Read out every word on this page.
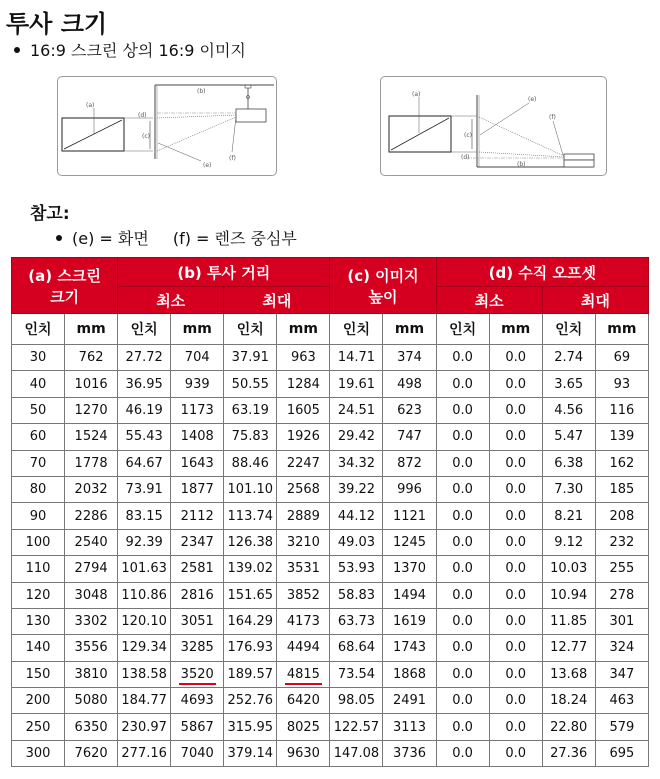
투사 크기
16:9 스크린 상의 16:9 이미지
(b)
(d)
(a)
(c)
(e)
(f)
(b)
(a)
(c)
(d)
(e)
(f)
참고:
(e) = 화면 (f) = 렌즈 중심부
(a) 스크린
크기		(b) 투사 거리				(c) 이미지
높이		(d) 수직 오프셋			
		최소		최대				최소		최대	
인치	mm	인치	mm	인치	mm	인치	mm	인치	mm	인치	mm
30	762	27.72	704	37.91	963	14.71	374	0.0	0.0	2.74	69
40	1016	36.95	939	50.55	1284	19.61	498	0.0	0.0	3.65	93
50	1270	46.19	1173	63.19	1605	24.51	623	0.0	0.0	4.56	116
60	1524	55.43	1408	75.83	1926	29.42	747	0.0	0.0	5.47	139
70	1778	64.67	1643	88.46	2247	34.32	872	0.0	0.0	6.38	162
80	2032	73.91	1877	101.10	2568	39.22	996	0.0	0.0	7.30	185
90	2286	83.15	2112	113.74	2889	44.12	1121	0.0	0.0	8.21	208
100	2540	92.39	2347	126.38	3210	49.03	1245	0.0	0.0	9.12	232
110	2794	101.63	2581	139.02	3531	53.93	1370	0.0	0.0	10.03	255
120	3048	110.86	2816	151.65	3852	58.83	1494	0.0	0.0	10.94	278
130	3302	120.10	3051	164.29	4173	63.73	1619	0.0	0.0	11.85	301
140	3556	129.34	3285	176.93	4494	68.64	1743	0.0	0.0	12.77	324
150	3810	138.58	3520	189.57	4815	73.54	1868	0.0	0.0	13.68	347
200	5080	184.77	4693	252.76	6420	98.05	2491	0.0	0.0	18.24	463
250	6350	230.97	5867	315.95	8025	122.57	3113	0.0	0.0	22.80	579
300	7620	277.16	7040	379.14	9630	147.08	3736	0.0	0.0	27.36	695
